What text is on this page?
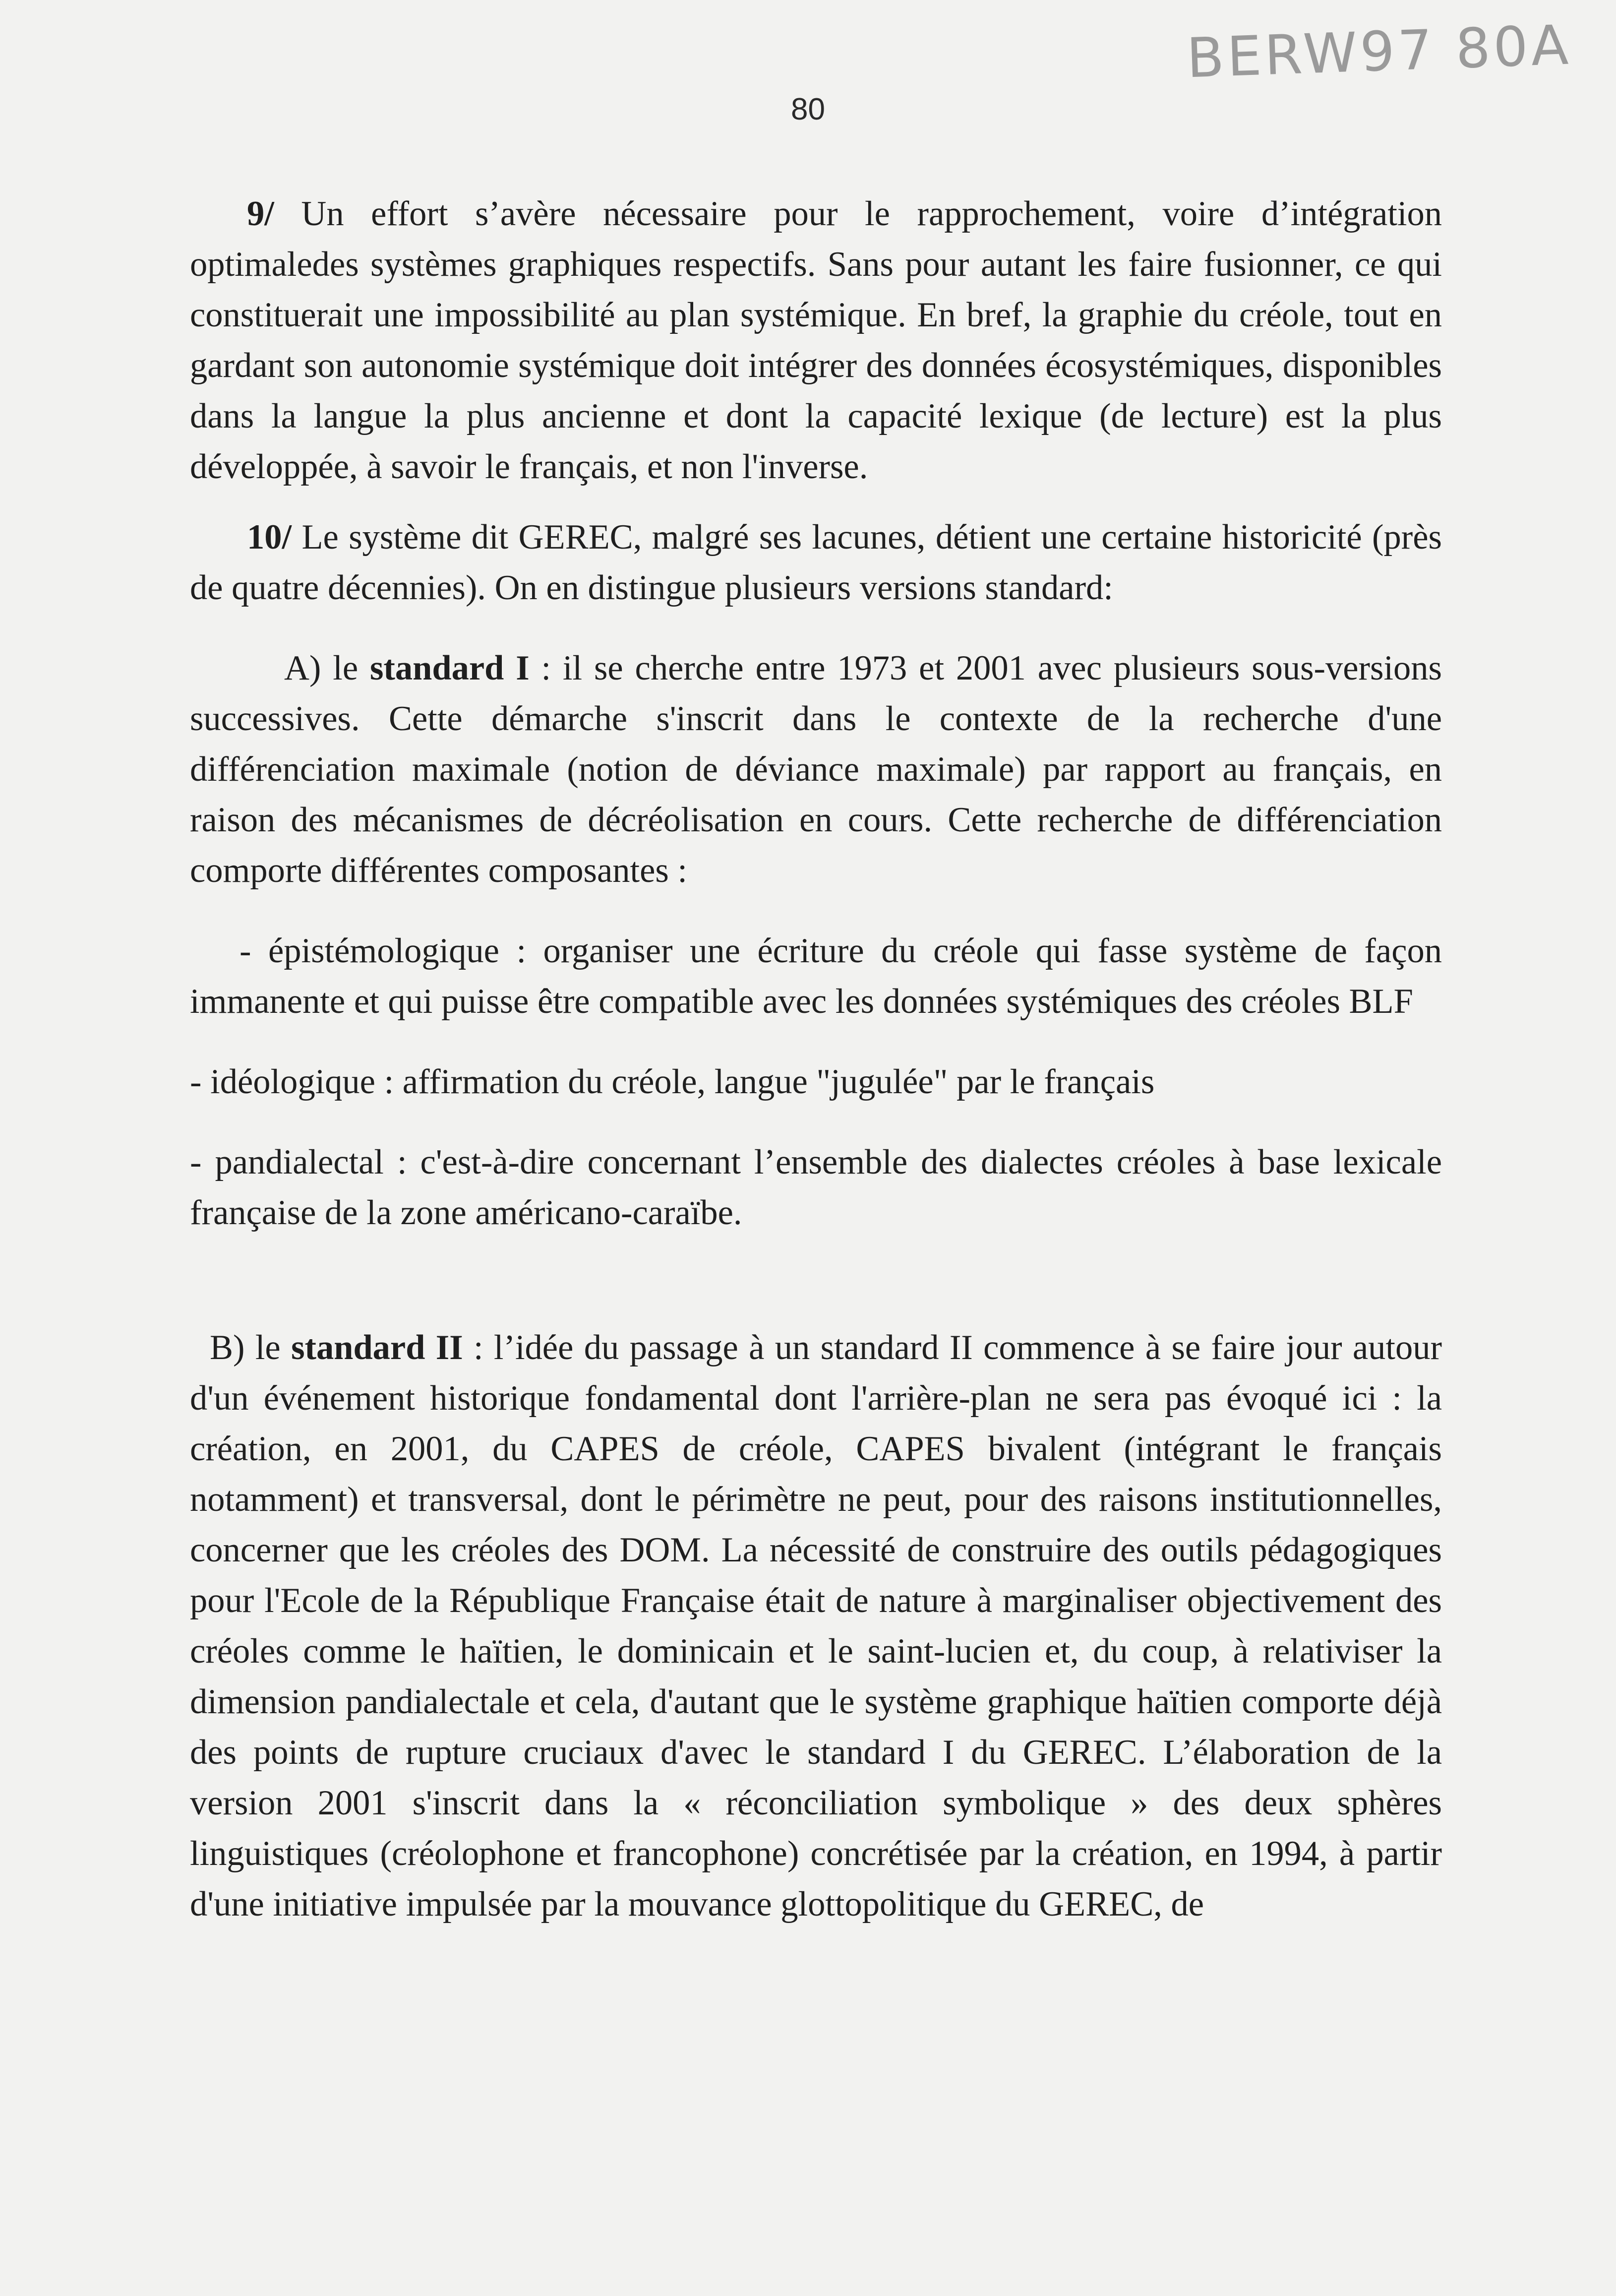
BERW97 80A
80

9/ Un effort s’avère nécessaire pour le rapprochement, voire d’intégration optimaledes systèmes graphiques respectifs. Sans pour autant les faire fusionner, ce qui constituerait une impossibilité au plan systémique. En bref, la graphie du créole, tout en gardant son autonomie systémique doit intégrer des données écosystémiques, disponibles dans la langue la plus ancienne et dont la capacité lexique (de lecture) est la plus développée, à savoir le français, et non l'inverse.

10/ Le système dit GEREC, malgré ses lacunes, détient une certaine historicité (près de quatre décennies). On en distingue plusieurs versions standard:

A) le standard I : il se cherche entre 1973 et 2001 avec plusieurs sous-versions successives. Cette démarche s'inscrit dans le contexte de la recherche d'une différenciation maximale (notion de déviance maximale) par rapport au français, en raison des mécanismes de décréolisation en cours. Cette recherche de différenciation comporte différentes composantes :

- épistémologique : organiser une écriture du créole qui fasse système de façon immanente et qui puisse être compatible avec les données systémiques des créoles BLF

- idéologique : affirmation du créole, langue "jugulée" par le français

- pandialectal : c'est-à-dire concernant l’ensemble des dialectes créoles à base lexicale française de la zone américano-caraïbe.

B) le standard II : l’idée du passage à un standard II commence à se faire jour autour d'un événement historique fondamental dont l'arrière-plan ne sera pas évoqué ici : la création, en 2001, du CAPES de créole, CAPES bivalent (intégrant le français notamment) et transversal, dont le périmètre ne peut, pour des raisons institutionnelles, concerner que les créoles des DOM. La nécessité de construire des outils pédagogiques pour l'Ecole de la République Française était de nature à marginaliser objectivement des créoles comme le haïtien, le dominicain et le saint-lucien et, du coup, à relativiser la dimension pandialectale et cela, d'autant que le système graphique haïtien comporte déjà des points de rupture cruciaux d'avec le standard I du GEREC. L’élaboration de la version 2001 s'inscrit dans la « réconciliation symbolique » des deux sphères linguistiques (créolophone et francophone) concrétisée par la création, en 1994, à partir d'une initiative impulsée par la mouvance glottopolitique du GEREC, de
